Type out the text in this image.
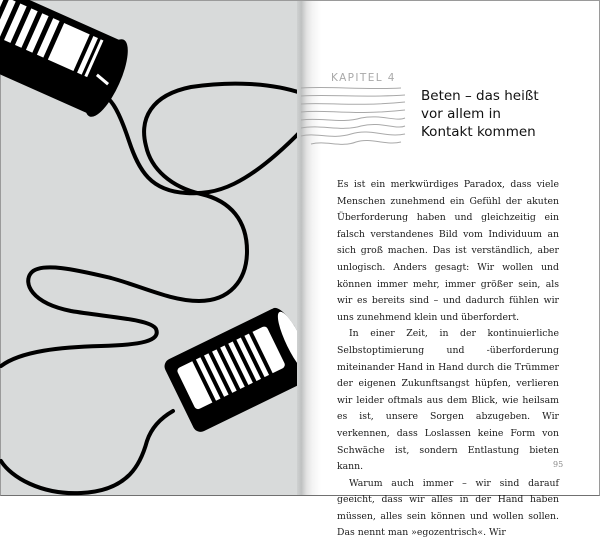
KAPITEL 4
Beten – das heißt
vor allem in
Kontakt kommen

Es ist ein merkwürdiges Paradox, dass viele Menschen zunehmend ein Gefühl der akuten Überforderung haben und gleichzeitig ein falsch verstandenes Bild vom Individuum an sich groß machen. Das ist verständlich, aber unlogisch. Anders gesagt: Wir wollen und können immer mehr, immer größer sein, als wir es bereits sind – und dadurch fühlen wir uns zunehmend klein und überfordert.

In einer Zeit, in der kontinuierliche Selbstoptimierung und -überforderung miteinander Hand in Hand durch die Trümmer der eigenen Zukunftsangst hüpfen, verlieren wir leider oftmals aus dem Blick, wie heilsam es ist, unsere Sorgen abzugeben. Wir verkennen, dass Loslassen keine Form von Schwäche ist, sondern Entlastung bieten kann.

Warum auch immer – wir sind darauf geeicht, dass wir alles in der Hand haben müssen, alles sein können und wollen sollen. Das nennt man »egozentrisch«. Wir

95
